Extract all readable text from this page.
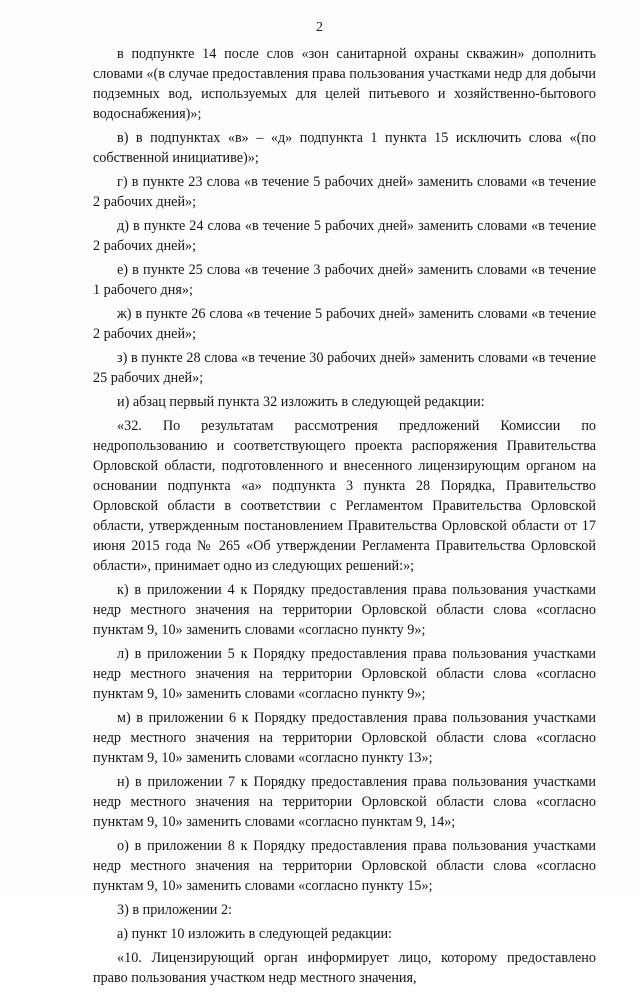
2

в подпункте 14 после слов «зон санитарной охраны скважин» дополнить словами «(в случае предоставления права пользования участками недр для добычи подземных вод, используемых для целей питьевого и хозяйственно-бытового водоснабжения)»;

в) в подпунктах «в» – «д» подпункта 1 пункта 15 исключить слова «(по собственной инициативе)»;

г) в пункте 23 слова «в течение 5 рабочих дней» заменить словами «в течение 2 рабочих дней»;

д) в пункте 24 слова «в течение 5 рабочих дней» заменить словами «в течение 2 рабочих дней»;

е) в пункте 25 слова «в течение 3 рабочих дней» заменить словами «в течение 1 рабочего дня»;

ж) в пункте 26 слова «в течение 5 рабочих дней» заменить словами «в течение 2 рабочих дней»;

з) в пункте 28 слова «в течение 30 рабочих дней» заменить словами «в течение 25 рабочих дней»;

и) абзац первый пункта 32 изложить в следующей редакции:

«32. По результатам рассмотрения предложений Комиссии по недропользованию и соответствующего проекта распоряжения Правительства Орловской области, подготовленного и внесенного лицензирующим органом на основании подпункта «а» подпункта 3 пункта 28 Порядка, Правительство Орловской области в соответствии с Регламентом Правительства Орловской области, утвержденным постановлением Правительства Орловской области от 17 июня 2015 года № 265 «Об утверждении Регламента Правительства Орловской области», принимает одно из следующих решений:»;

к) в приложении 4 к Порядку предоставления права пользования участками недр местного значения на территории Орловской области слова «согласно пунктам 9, 10» заменить словами «согласно пункту 9»;

л) в приложении 5 к Порядку предоставления права пользования участками недр местного значения на территории Орловской области слова «согласно пунктам 9, 10» заменить словами «согласно пункту 9»;

м) в приложении 6 к Порядку предоставления права пользования участками недр местного значения на территории Орловской области слова «согласно пунктам 9, 10» заменить словами «согласно пункту 13»;

н) в приложении 7 к Порядку предоставления права пользования участками недр местного значения на территории Орловской области слова «согласно пунктам 9, 10» заменить словами «согласно пунктам 9, 14»;

о) в приложении 8 к Порядку предоставления права пользования участками недр местного значения на территории Орловской области слова «согласно пунктам 9, 10» заменить словами «согласно пункту 15»;

3) в приложении 2:

а) пункт 10 изложить в следующей редакции:

«10. Лицензирующий орган информирует лицо, которому предоставлено право пользования участком недр местного значения,
